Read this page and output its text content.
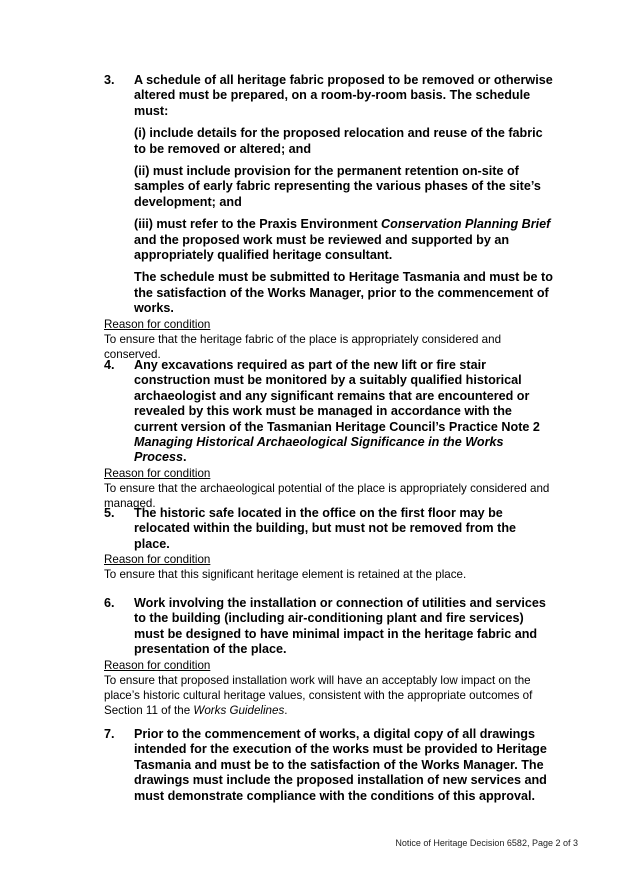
3.	A schedule of all heritage fabric proposed to be removed or otherwise altered must be prepared, on a room-by-room basis. The schedule must:

(i) include details for the proposed relocation and reuse of the fabric to be removed or altered; and

(ii) must include provision for the permanent retention on-site of samples of early fabric representing the various phases of the site’s development; and

(iii) must refer to the Praxis Environment Conservation Planning Brief and the proposed work must be reviewed and supported by an appropriately qualified heritage consultant.

The schedule must be submitted to Heritage Tasmania and must be to the satisfaction of the Works Manager, prior to the commencement of works.

Reason for condition
To ensure that the heritage fabric of the place is appropriately considered and conserved.
4.	Any excavations required as part of the new lift or fire stair construction must be monitored by a suitably qualified historical archaeologist and any significant remains that are encountered or revealed by this work must be managed in accordance with the current version of the Tasmanian Heritage Council’s Practice Note 2 Managing Historical Archaeological Significance in the Works Process.

Reason for condition
To ensure that the archaeological potential of the place is appropriately considered and managed.
5.	The historic safe located in the office on the first floor may be relocated within the building, but must not be removed from the place.

Reason for condition
To ensure that this significant heritage element is retained at the place.
6.	Work involving the installation or connection of utilities and services to the building (including air-conditioning plant and fire services) must be designed to have minimal impact in the heritage fabric and presentation of the place.

Reason for condition
To ensure that proposed installation work will have an acceptably low impact on the place’s historic cultural heritage values, consistent with the appropriate outcomes of Section 11 of the Works Guidelines.
7.	Prior to the commencement of works, a digital copy of all drawings intended for the execution of the works must be provided to Heritage Tasmania and must be to the satisfaction of the Works Manager. The drawings must include the proposed installation of new services and must demonstrate compliance with the conditions of this approval.

Notice of Heritage Decision 6582, Page 2 of 3
